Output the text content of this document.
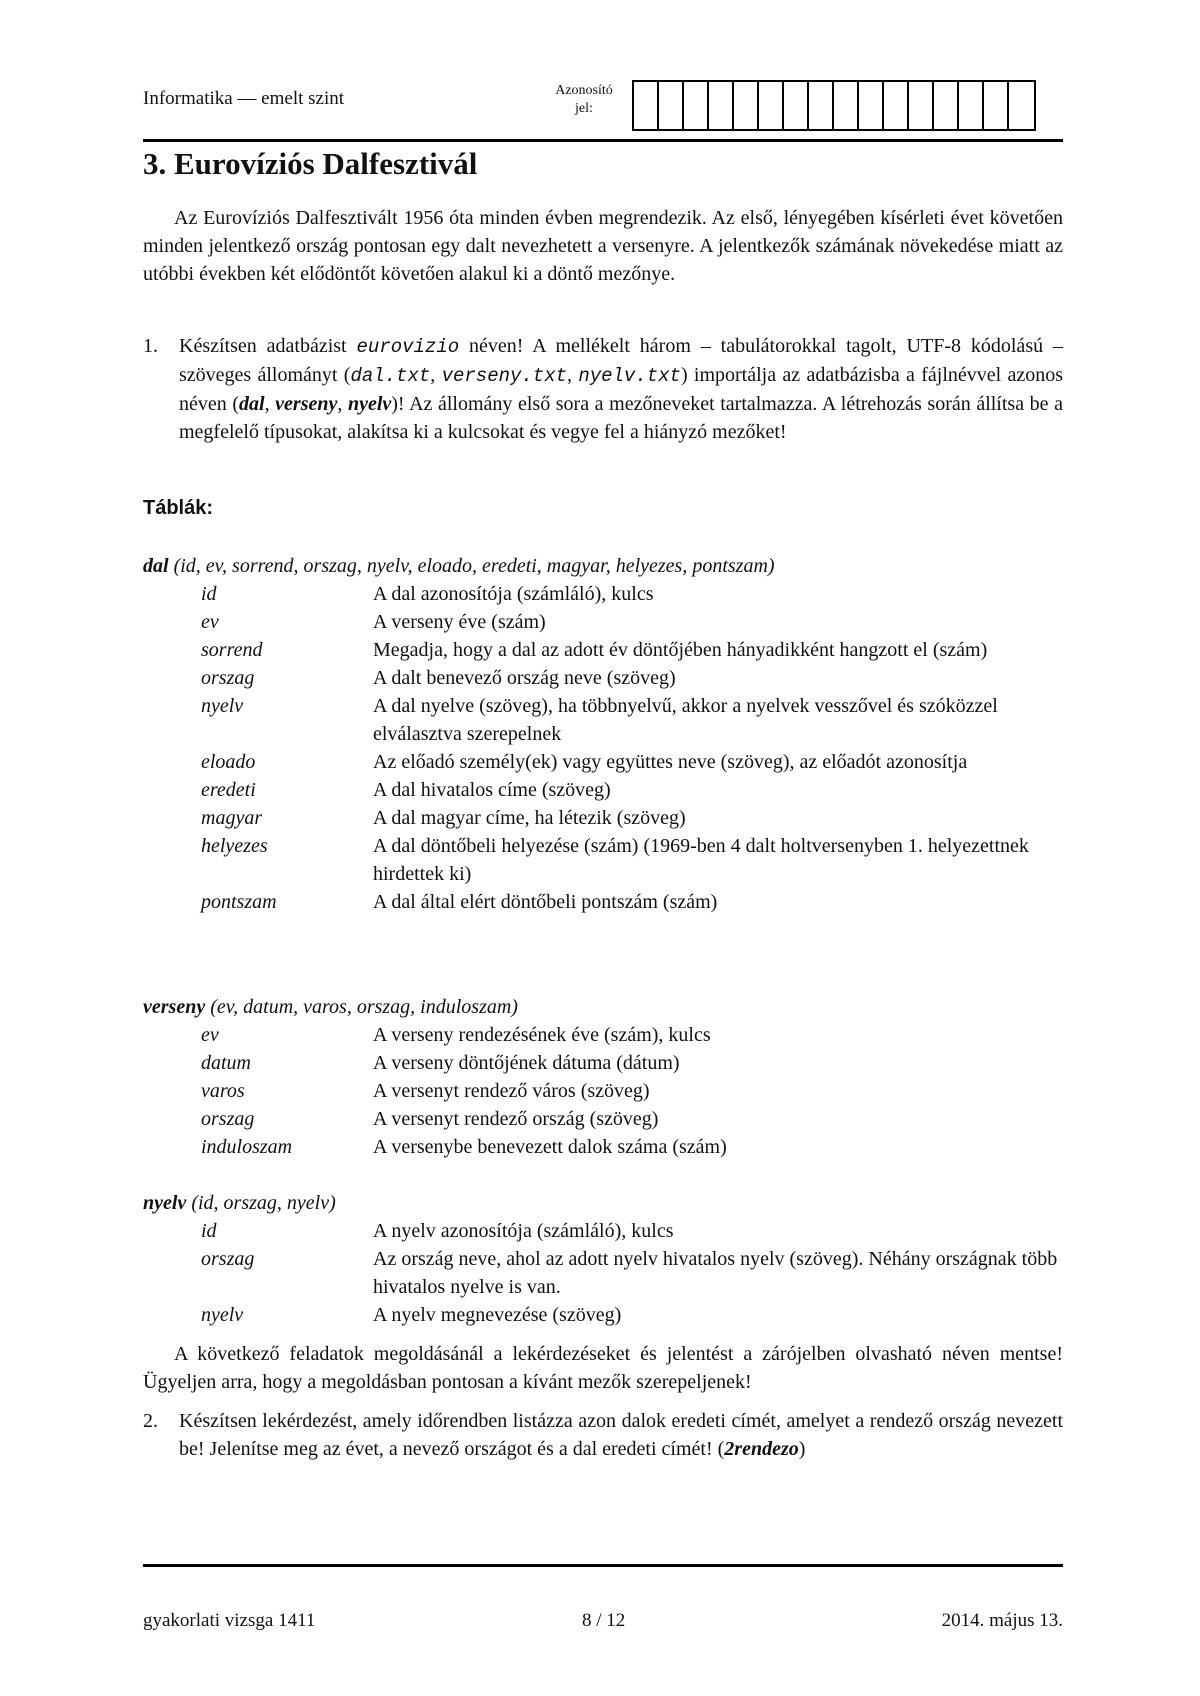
Informatika — emelt szint	Azonosító
jel:
3. Eurovíziós Dalfesztivál

Az Eurovíziós Dalfesztivált 1956 óta minden évben megrendezik. Az első, lényegében kísérleti évet követően minden jelentkező ország pontosan egy dalt nevezhetett a versenyre. A jelentkezők számának növekedése miatt az utóbbi években két elődöntőt követően alakul ki a döntő mezőnye.

1. Készítsen adatbázist eurovizio néven! A mellékelt három – tabulátorokkal tagolt, UTF-8 kódolású – szöveges állományt (dal.txt, verseny.txt, nyelv.txt) importálja az adatbázisba a fájlnévvel azonos néven (dal, verseny, nyelv)! Az állomány első sora a mezőneveket tartalmazza. A létrehozás során állítsa be a megfelelő típusokat, alakítsa ki a kulcsokat és vegye fel a hiányzó mezőket!
Táblák:
dal (id, ev, sorrend, orszag, nyelv, eloado, eredeti, magyar, helyezes, pontszam)
id	A dal azonosítója (számláló), kulcs
ev	A verseny éve (szám)
sorrend	Megadja, hogy a dal az adott év döntőjében hányadikként hangzott el (szám)
orszag	A dalt benevező ország neve (szöveg)
nyelv	A dal nyelve (szöveg), ha többnyelvű, akkor a nyelvek vesszővel és szóközzel elválasztva szerepelnek
eloado	Az előadó személy(ek) vagy együttes neve (szöveg), az előadót azonosítja
eredeti	A dal hivatalos címe (szöveg)
magyar	A dal magyar címe, ha létezik (szöveg)
helyezes	A dal döntőbeli helyezése (szám) (1969-ben 4 dalt holtversenyben 1. helyezettnek hirdettek ki)
pontszam	A dal által elért döntőbeli pontszám (szám)
verseny (ev, datum, varos, orszag, induloszam)
ev	A verseny rendezésének éve (szám), kulcs
datum	A verseny döntőjének dátuma (dátum)
varos	A versenyt rendező város (szöveg)
orszag	A versenyt rendező ország (szöveg)
induloszam	A versenybe benevezett dalok száma (szám)
nyelv (id, orszag, nyelv)
id	A nyelv azonosítója (számláló), kulcs
orszag	Az ország neve, ahol az adott nyelv hivatalos nyelv (szöveg). Néhány országnak több hivatalos nyelve is van.
nyelv	A nyelv megnevezése (szöveg)

A következő feladatok megoldásánál a lekérdezéseket és jelentést a zárójelben olvasható néven mentse! Ügyeljen arra, hogy a megoldásban pontosan a kívánt mezők szerepeljenek!

2. Készítsen lekérdezést, amely időrendben listázza azon dalok eredeti címét, amelyet a rendező ország nevezett be! Jelenítse meg az évet, a nevező országot és a dal eredeti címét! (2rendezo)
gyakorlati vizsga 1411	8 / 12	2014. május 13.
